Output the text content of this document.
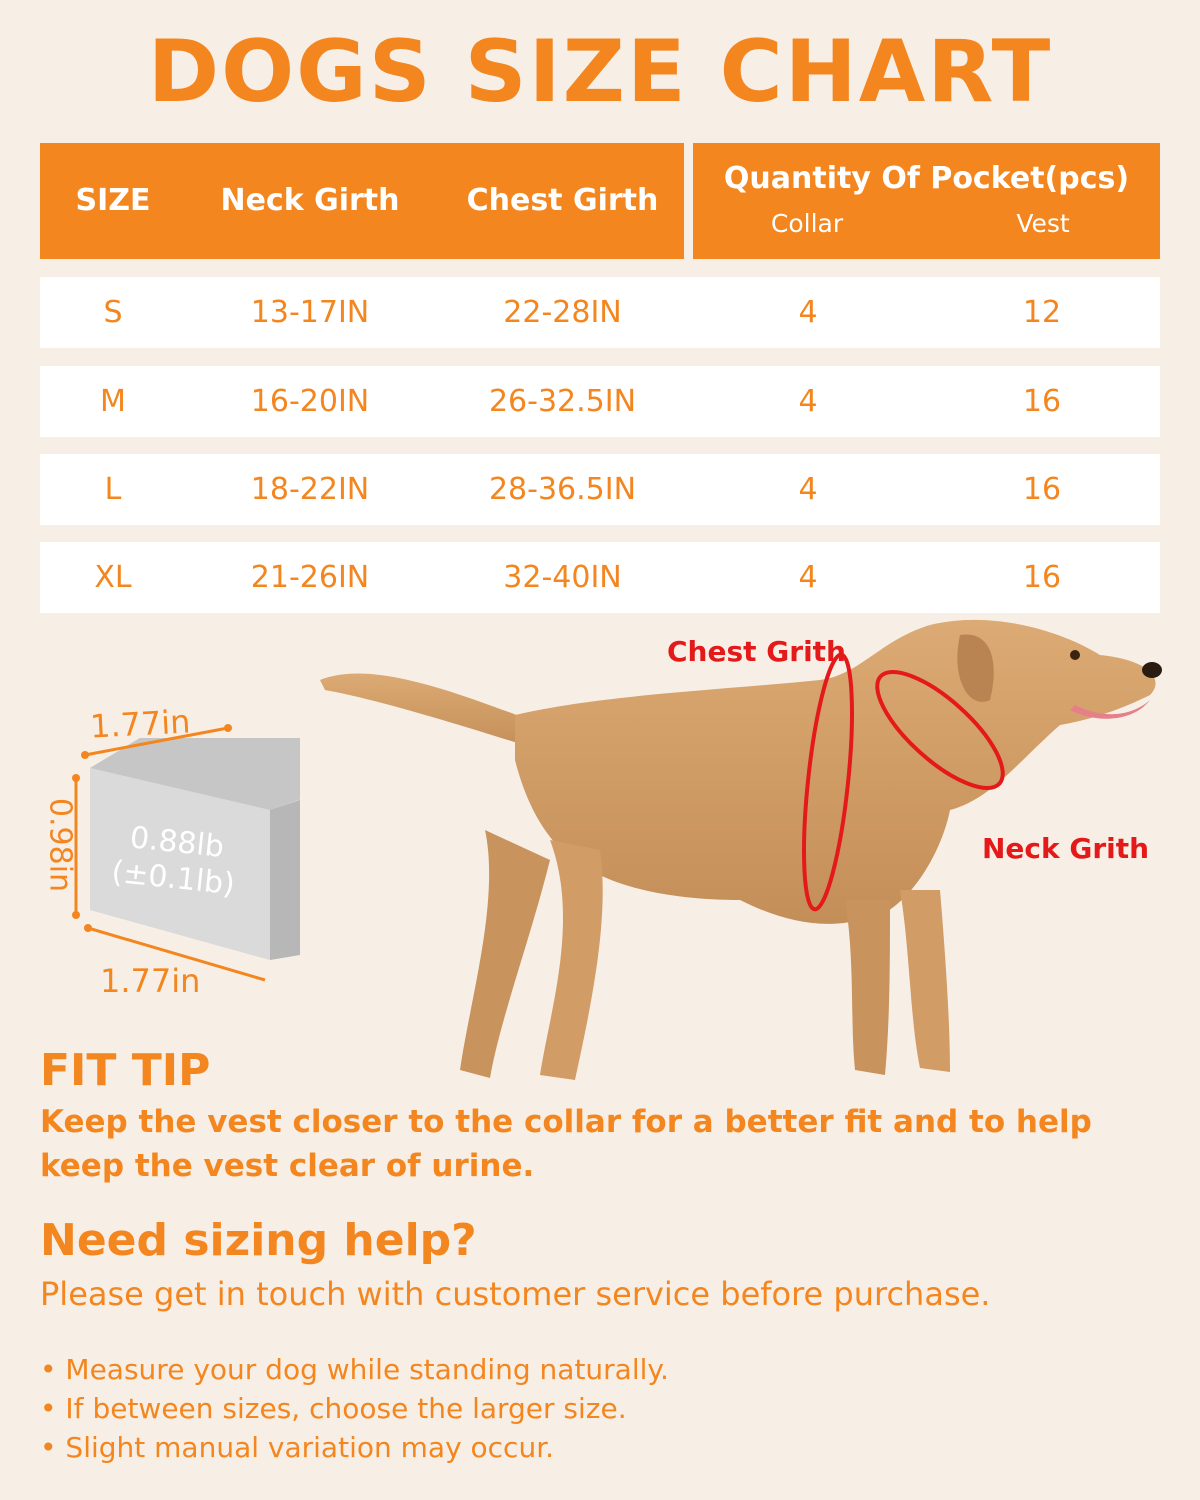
DOGS SIZE CHART
SIZE	Neck Girth	Chest Girth
Quantity Of Pocket(pcs)
Collar	Vest
S	13-17IN	22-28IN	4	12
M	16-20IN	26-32.5IN	4	16
L	18-22IN	28-36.5IN	4	16
XL	21-26IN	32-40IN	4	16
1.77in
0.98in
1.77in
0.88lb
(±0.1lb)
Chest Grith
Neck Grith
FIT TIP
Keep the vest closer to the collar for a better fit and to help keep the vest clear of urine.
Need sizing help?
Please get in touch with customer service before purchase.
• Measure your dog while standing naturally.
• If between sizes, choose the larger size.
• Slight manual variation may occur.
